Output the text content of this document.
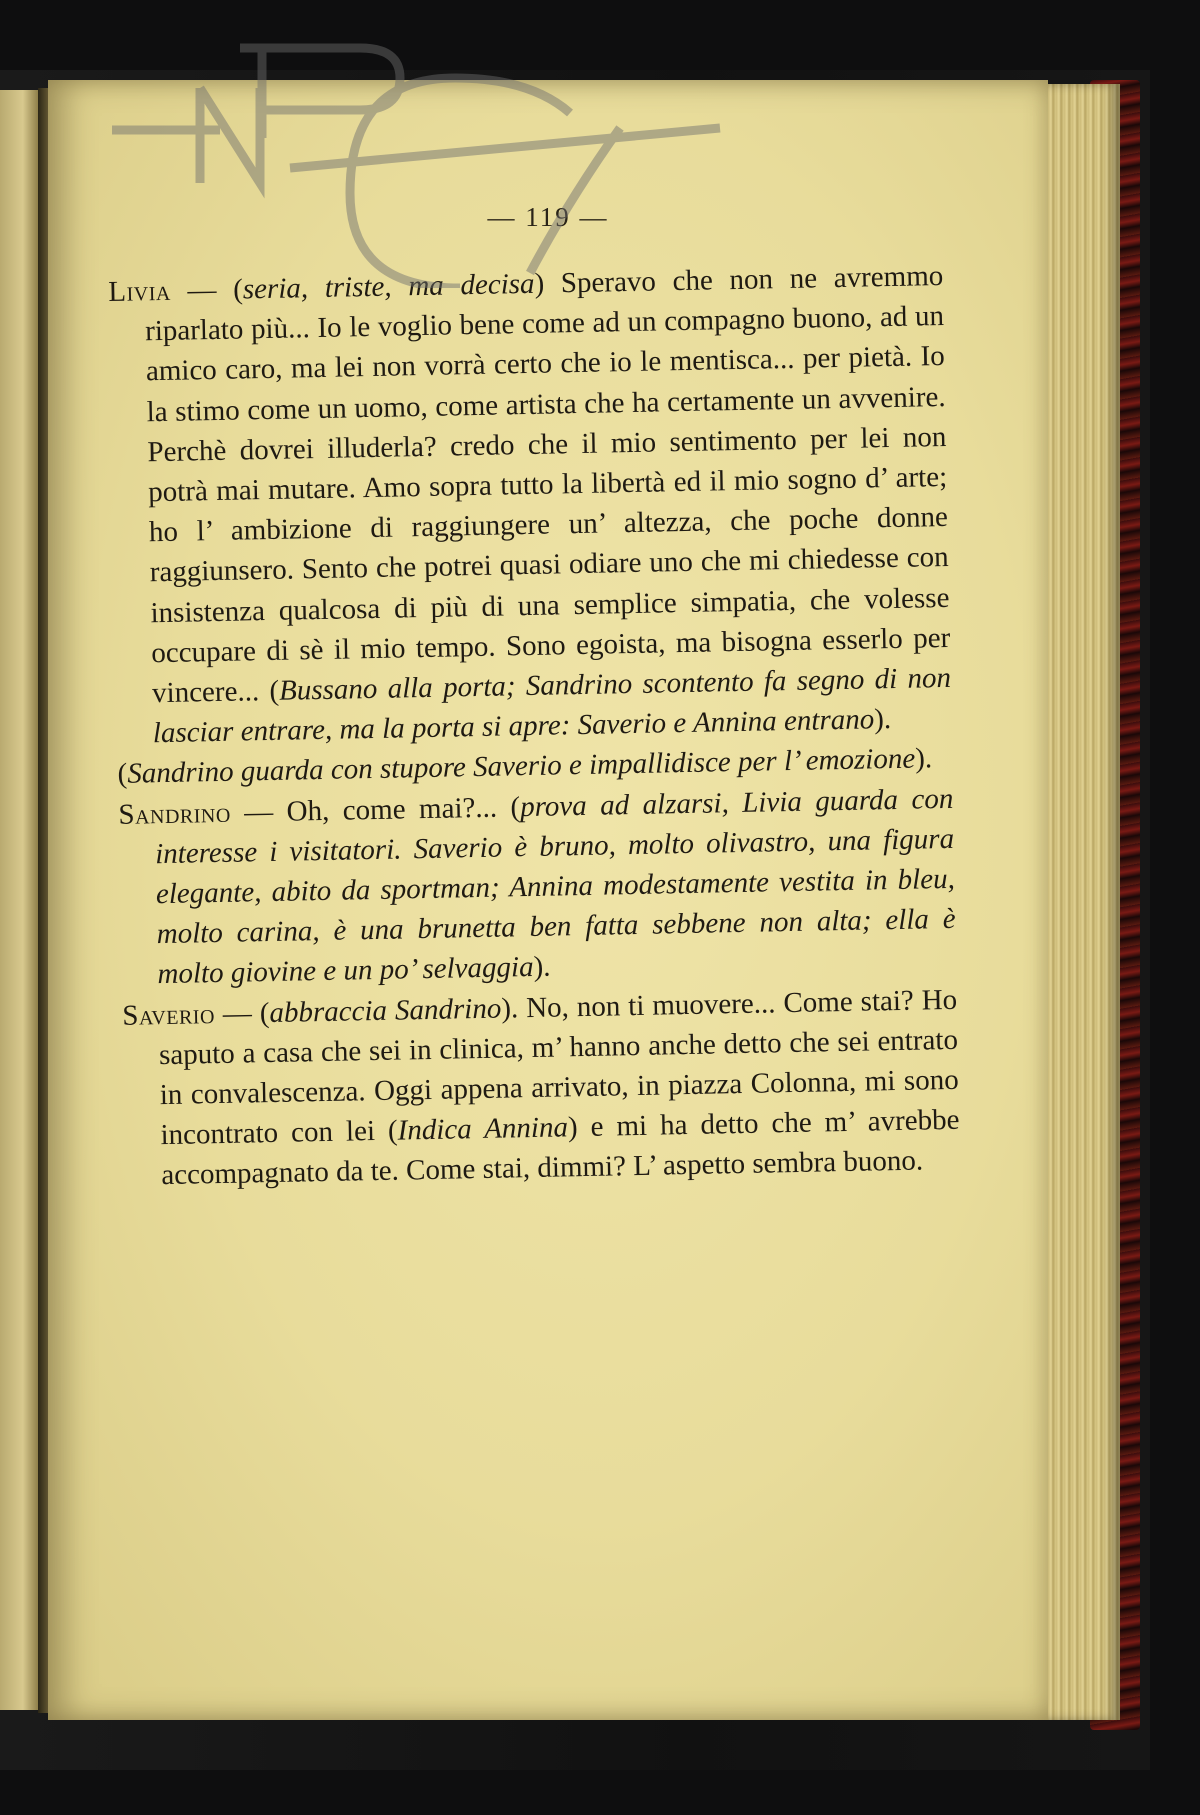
— 119 —

Livia — (seria, triste, ma decisa) Speravo che non ne avremmo riparlato più... Io le voglio bene come ad un compagno buono, ad un amico caro, ma lei non vorrà certo che io le mentisca... per pietà. Io la stimo come un uomo, come artista che ha certamente un avvenire. Perchè dovrei illuderla? credo che il mio sentimento per lei non potrà mai mutare. Amo sopra tutto la libertà ed il mio sogno d’ arte; ho l’ ambizione di raggiungere un’ altezza, che poche donne raggiunsero. Sento che potrei quasi odiare uno che mi chiedesse con insistenza qualcosa di più di una semplice simpatia, che volesse occupare di sè il mio tempo. Sono egoista, ma bisogna esserlo per vincere... (Bussano alla porta; Sandrino scontento fa segno di non lasciar entrare, ma la porta si apre: Saverio e Annina entrano).

(Sandrino guarda con stupore Saverio e impallidisce per l’ emozione).

Sandrino — Oh, come mai?... (prova ad alzarsi, Livia guarda con interesse i visitatori. Saverio è bruno, molto olivastro, una figura elegante, abito da sportman; Annina modestamente vestita in bleu, molto carina, è una brunetta ben fatta sebbene non alta; ella è molto giovine e un po’ selvaggia).

Saverio — (abbraccia Sandrino). No, non ti muovere... Come stai? Ho saputo a casa che sei in clinica, m’ hanno anche detto che sei entrato in convalescenza. Oggi appena arrivato, in piazza Colonna, mi sono incontrato con lei (Indica Annina) e mi ha detto che m’ avrebbe accompagnato da te. Come stai, dimmi? L’ aspetto sembra buono.
